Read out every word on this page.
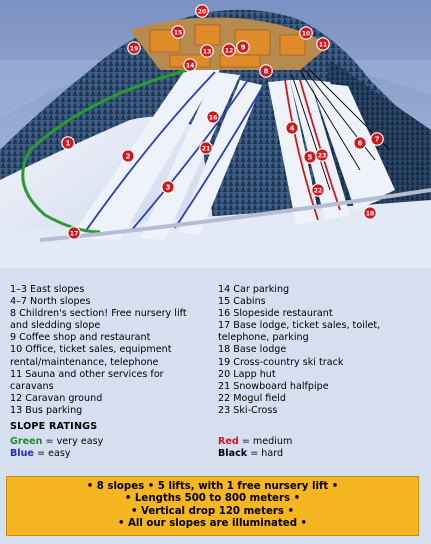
1
2
3
4
5
6 7
8
9
10
11
12
13
14
15
16
17
18
19
20
21
22
23
1–3 East slopes
4–7 North slopes
8 Children's section! Free nursery lift
and sledding slope
9 Coffee shop and restaurant
10 Office, ticket sales, equipment
rental/maintenance, telephone
11 Sauna and other services for
caravans
12 Caravan ground
13 Bus parking
14 Car parking
15 Cabins
16 Slopeside restaurant
17 Base lodge, ticket sales, toilet,
telephone, parking
18 Base lodge
19 Cross-country ski track
20 Lapp hut
21 Snowboard halfpipe
22 Mogul field
23 Ski-Cross
SLOPE RATINGS
Green = very easy
Blue = easy
Red = medium
Black = hard
• 8 slopes • 5 lifts, with 1 free nursery lift •
• Lengths 500 to 800 meters •
• Vertical drop 120 meters •
• All our slopes are illuminated •
